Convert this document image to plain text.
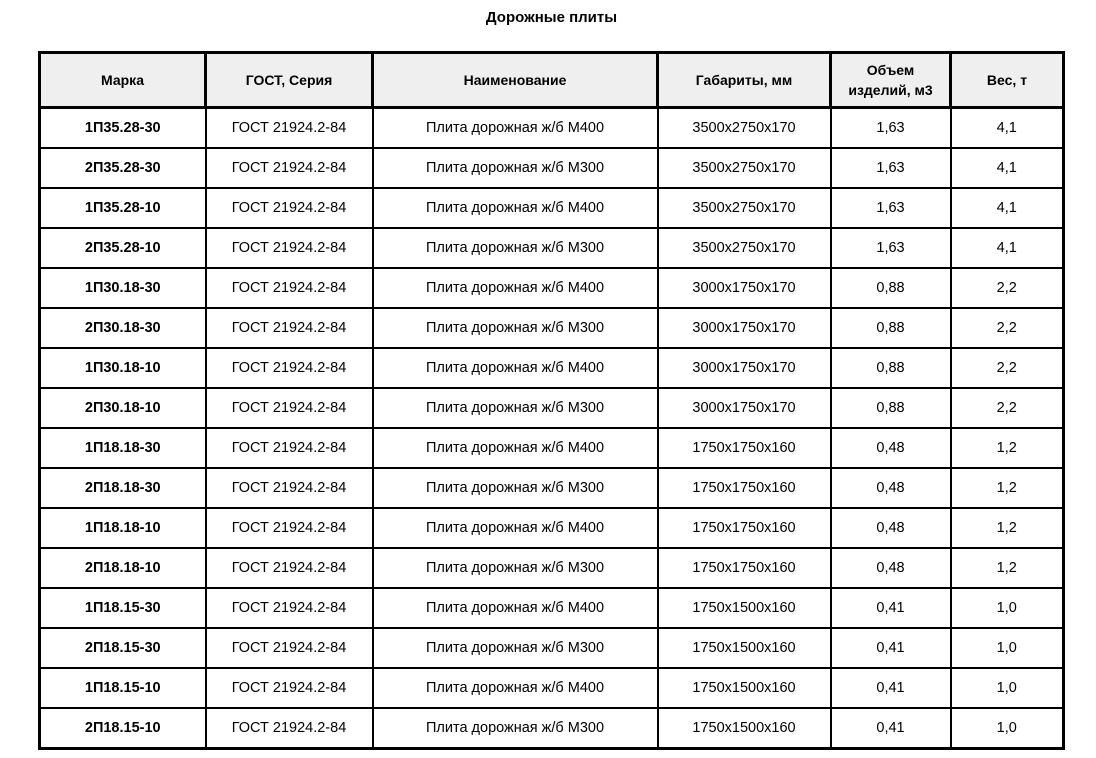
Дорожные плиты
Марка	ГОСТ, Серия	Наименование	Габариты, мм	Объем изделий, м3	Вес, т
1П35.28-30	ГОСТ 21924.2-84	Плита дорожная ж/б М400	3500х2750х170	1,63	4,1
2П35.28-30	ГОСТ 21924.2-84	Плита дорожная ж/б М300	3500х2750х170	1,63	4,1
1П35.28-10	ГОСТ 21924.2-84	Плита дорожная ж/б М400	3500х2750х170	1,63	4,1
2П35.28-10	ГОСТ 21924.2-84	Плита дорожная ж/б М300	3500х2750х170	1,63	4,1
1П30.18-30	ГОСТ 21924.2-84	Плита дорожная ж/б М400	3000х1750х170	0,88	2,2
2П30.18-30	ГОСТ 21924.2-84	Плита дорожная ж/б М300	3000х1750х170	0,88	2,2
1П30.18-10	ГОСТ 21924.2-84	Плита дорожная ж/б М400	3000х1750х170	0,88	2,2
2П30.18-10	ГОСТ 21924.2-84	Плита дорожная ж/б М300	3000х1750х170	0,88	2,2
1П18.18-30	ГОСТ 21924.2-84	Плита дорожная ж/б М400	1750х1750х160	0,48	1,2
2П18.18-30	ГОСТ 21924.2-84	Плита дорожная ж/б М300	1750х1750х160	0,48	1,2
1П18.18-10	ГОСТ 21924.2-84	Плита дорожная ж/б М400	1750х1750х160	0,48	1,2
2П18.18-10	ГОСТ 21924.2-84	Плита дорожная ж/б М300	1750х1750х160	0,48	1,2
1П18.15-30	ГОСТ 21924.2-84	Плита дорожная ж/б М400	1750х1500х160	0,41	1,0
2П18.15-30	ГОСТ 21924.2-84	Плита дорожная ж/б М300	1750х1500х160	0,41	1,0
1П18.15-10	ГОСТ 21924.2-84	Плита дорожная ж/б М400	1750х1500х160	0,41	1,0
2П18.15-10	ГОСТ 21924.2-84	Плита дорожная ж/б М300	1750х1500х160	0,41	1,0
